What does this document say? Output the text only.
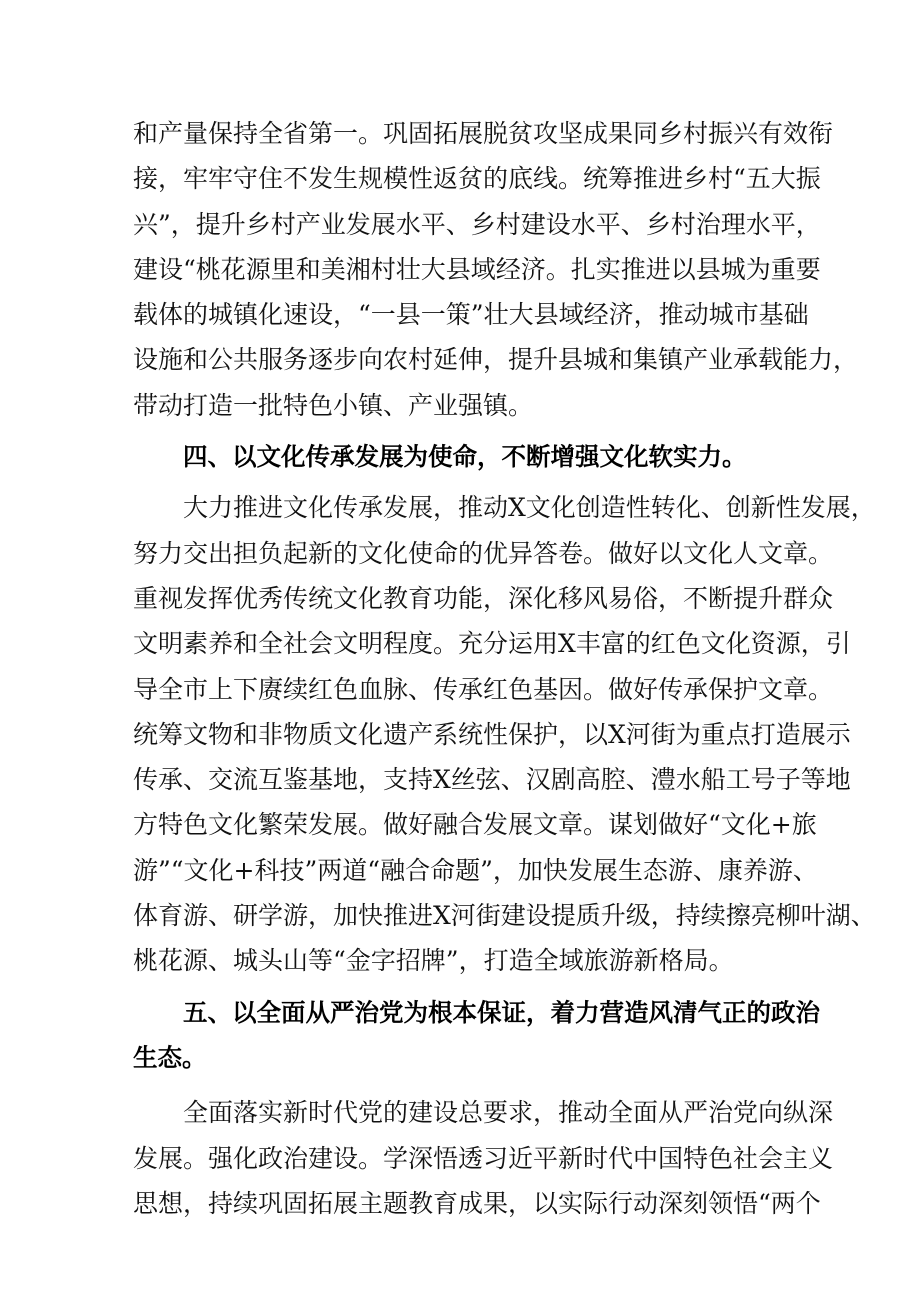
和产量保持全省第一。巩固拓展脱贫攻坚成果同乡村振兴有效衔
接，牢牢守住不发生规模性返贫的底线。统筹推进乡村“五大振
兴”，提升乡村产业发展水平、乡村建设水平、乡村治理水平，
建设“桃花源里和美湘村壮大县域经济。扎实推进以县城为重要
载体的城镇化速设，“一县一策”壮大县域经济，推动城市基础
设施和公共服务逐步向农村延伸，提升县城和集镇产业承载能力，
带动打造一批特色小镇、产业强镇。
四、以文化传承发展为使命，不断增强文化软实力。
大力推进文化传承发展，推动X文化创造性转化、创新性发展，
努力交出担负起新的文化使命的优异答卷。做好以文化人文章。
重视发挥优秀传统文化教育功能，深化移风易俗，不断提升群众
文明素养和全社会文明程度。充分运用X丰富的红色文化资源，引
导全市上下赓续红色血脉、传承红色基因。做好传承保护文章。
统筹文物和非物质文化遗产系统性保护，以X河街为重点打造展示
传承、交流互鉴基地，支持X丝弦、汉剧高腔、澧水船工号子等地
方特色文化繁荣发展。做好融合发展文章。谋划做好“文化+旅
游”“文化+科技”两道“融合命题”，加快发展生态游、康养游、
体育游、研学游，加快推进X河街建设提质升级，持续擦亮柳叶湖、
桃花源、城头山等“金字招牌”，打造全域旅游新格局。
五、以全面从严治党为根本保证，着力营造风清气正的政治
生态。
全面落实新时代党的建设总要求，推动全面从严治党向纵深
发展。强化政治建设。学深悟透习近平新时代中国特色社会主义
思想，持续巩固拓展主题教育成果，以实际行动深刻领悟“两个
